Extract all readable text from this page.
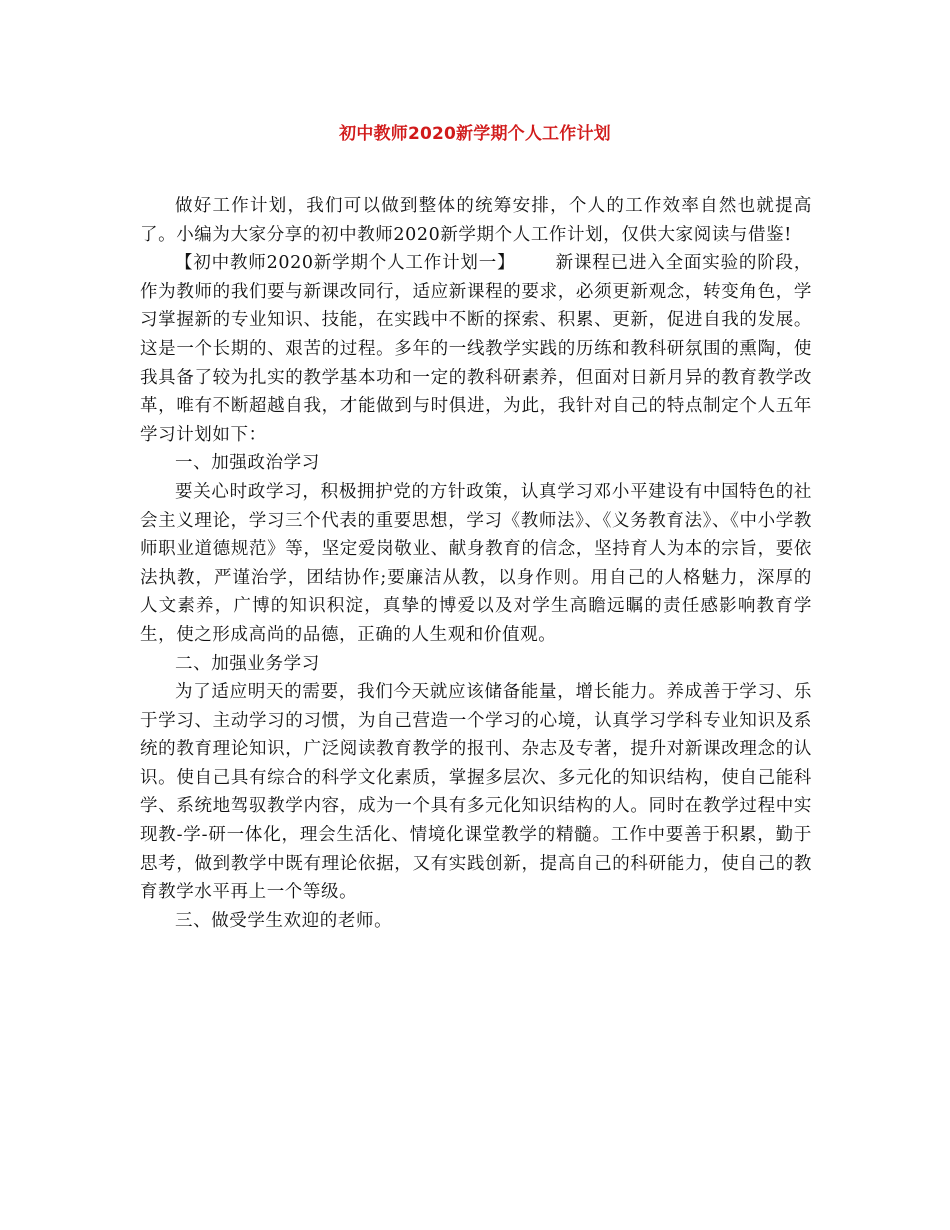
初中教师2020新学期个人工作计划

做好工作计划，我们可以做到整体的统筹安排，个人的工作效率自然也就提高了。小编为大家分享的初中教师2020新学期个人工作计划，仅供大家阅读与借鉴!

【初中教师2020新学期个人工作计划一】 新课程已进入全面实验的阶段，作为教师的我们要与新课改同行，适应新课程的要求，必须更新观念，转变角色，学习掌握新的专业知识、技能，在实践中不断的探索、积累、更新，促进自我的发展。这是一个长期的、艰苦的过程。多年的一线教学实践的历练和教科研氛围的熏陶，使我具备了较为扎实的教学基本功和一定的教科研素养，但面对日新月异的教育教学改革，唯有不断超越自我，才能做到与时俱进，为此，我针对自己的特点制定个人五年学习计划如下：

一、加强政治学习

要关心时政学习，积极拥护党的方针政策，认真学习邓小平建设有中国特色的社会主义理论，学习三个代表的重要思想，学习《教师法》、《义务教育法》、《中小学教师职业道德规范》等，坚定爱岗敬业、献身教育的信念，坚持育人为本的宗旨，要依法执教，严谨治学，团结协作;要廉洁从教，以身作则。用自己的人格魅力，深厚的人文素养，广博的知识积淀，真挚的博爱以及对学生高瞻远瞩的责任感影响教育学生，使之形成高尚的品德，正确的人生观和价值观。

二、加强业务学习

为了适应明天的需要，我们今天就应该储备能量，增长能力。养成善于学习、乐于学习、主动学习的习惯，为自己营造一个学习的心境，认真学习学科专业知识及系统的教育理论知识，广泛阅读教育教学的报刊、杂志及专著，提升对新课改理念的认识。使自己具有综合的科学文化素质，掌握多层次、多元化的知识结构，使自己能科学、系统地驾驭教学内容，成为一个具有多元化知识结构的人。同时在教学过程中实现教-学-研一体化，理会生活化、情境化课堂教学的精髓。工作中要善于积累，勤于思考，做到教学中既有理论依据，又有实践创新，提高自己的科研能力，使自己的教育教学水平再上一个等级。

三、做受学生欢迎的老师。
